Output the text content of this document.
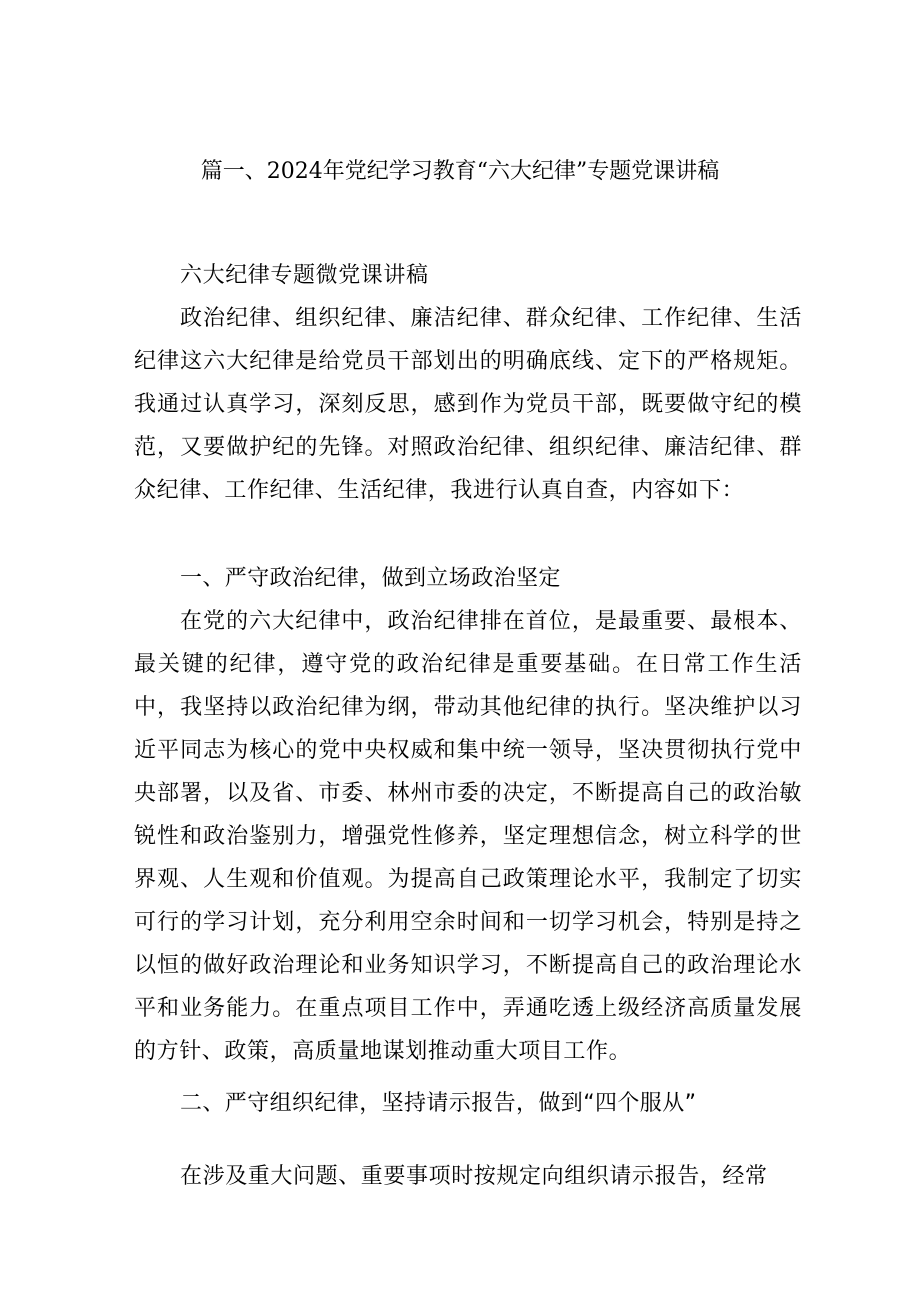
篇一、2024年党纪学习教育“六大纪律”专题党课讲稿

六大纪律专题微党课讲稿

政治纪律、组织纪律、廉洁纪律、群众纪律、工作纪律、生活纪律这六大纪律是给党员干部划出的明确底线、定下的严格规矩。我通过认真学习，深刻反思，感到作为党员干部，既要做守纪的模范，又要做护纪的先锋。对照政治纪律、组织纪律、廉洁纪律、群众纪律、工作纪律、生活纪律，我进行认真自查，内容如下：

一、严守政治纪律，做到立场政治坚定

在党的六大纪律中，政治纪律排在首位，是最重要、最根本、最关键的纪律，遵守党的政治纪律是重要基础。在日常工作生活中，我坚持以政治纪律为纲，带动其他纪律的执行。坚决维护以习近平同志为核心的党中央权威和集中统一领导，坚决贯彻执行党中央部署，以及省、市委、林州市委的决定，不断提高自己的政治敏锐性和政治鉴别力，增强党性修养，坚定理想信念，树立科学的世界观、人生观和价值观。为提高自己政策理论水平，我制定了切实可行的学习计划，充分利用空余时间和一切学习机会，特别是持之以恒的做好政治理论和业务知识学习，不断提高自己的政治理论水平和业务能力。在重点项目工作中，弄通吃透上级经济高质量发展的方针、政策，高质量地谋划推动重大项目工作。

二、严守组织纪律，坚持请示报告，做到“四个服从”

在涉及重大问题、重要事项时按规定向组织请示报告，经常
